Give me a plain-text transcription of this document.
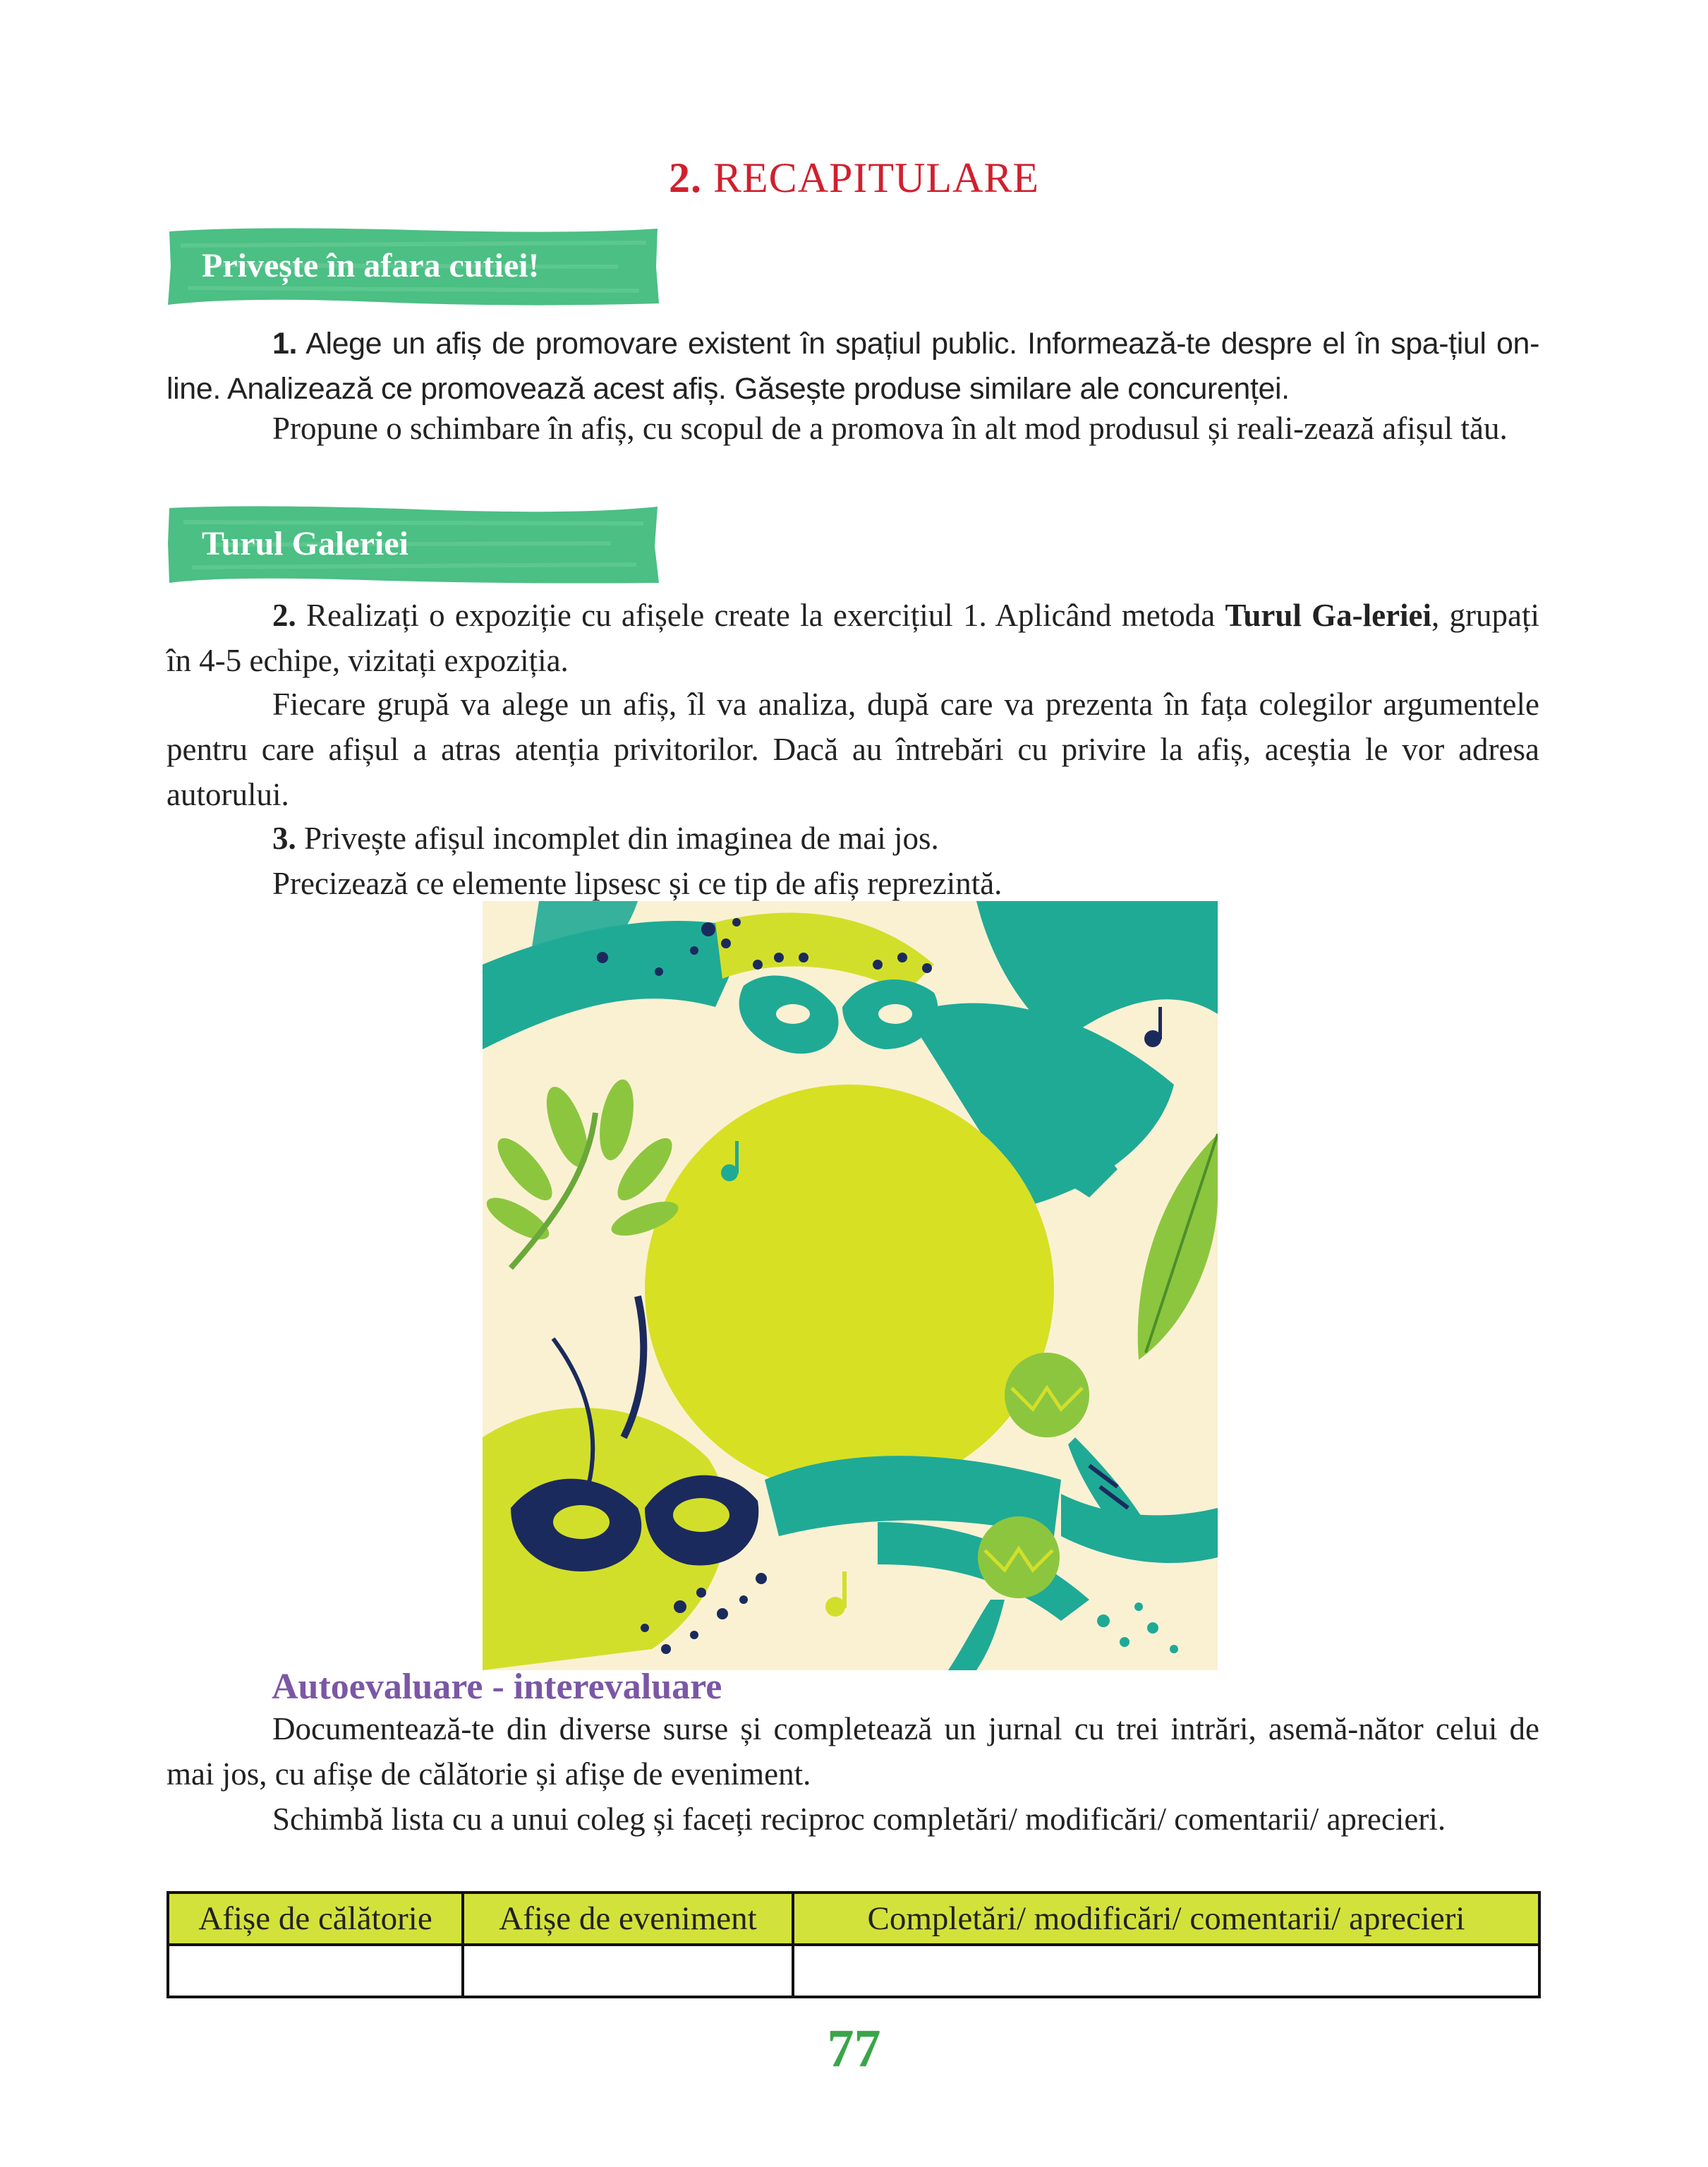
2. RECAPITULARE
Privește în afara cutiei!
1. Alege un afiș de promovare existent în spațiul public. Informează-te despre el în spa-țiul on-line. Analizează ce promovează acest afiș. Găsește produse similare ale concurenței.
Propune o schimbare în afiș, cu scopul de a promova în alt mod produsul și reali-zează afișul tău.
Turul Galeriei
2. Realizați o expoziție cu afișele create la exercițiul 1. Aplicând metoda Turul Ga-leriei, grupați în 4-5 echipe, vizitați expoziția.
Fiecare grupă va alege un afiș, îl va analiza, după care va prezenta în fața colegilor argumentele pentru care afișul a atras atenția privitorilor. Dacă au întrebări cu privire la afiș, aceștia le vor adresa autorului.
3. Privește afișul incomplet din imaginea de mai jos.
Precizează ce elemente lipsesc și ce tip de afiș reprezintă.
Autoevaluare - interevaluare
Documentează-te din diverse surse și completează un jurnal cu trei intrări, asemă-nător celui de mai jos, cu afișe de călătorie și afișe de eveniment.
Schimbă lista cu a unui coleg și faceți reciproc completări/ modificări/ comentarii/ aprecieri.
Afișe de călătorie	Afișe de eveniment	Completări/ modificări/ comentarii/ aprecieri

77
